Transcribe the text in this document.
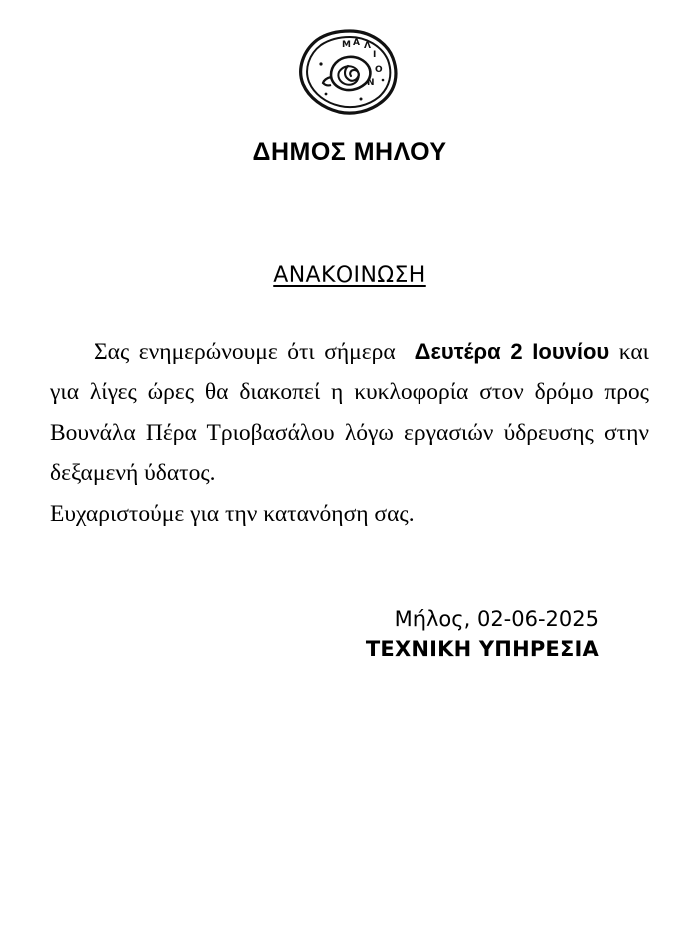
Μ Α Λ
Ι
Ο
Ν
ΔΗΜΟΣ ΜΗΛΟΥ
ΑΝΑΚΟΙΝΩΣΗ

Σας ενημερώνουμε ότι σήμερα Δευτέρα 2 Ιουνίου και για λίγες ώρες θα διακοπεί η κυκλοφορία στον δρόμο προς Βουνάλα Πέρα Τριοβασάλου λόγω εργασιών ύδρευσης στην δεξαμενή ύδατος.

Ευχαριστούμε για την κατανόηση σας.

Μήλος, 02-06-2025
ΤΕΧΝΙΚΗ ΥΠΗΡΕΣΙΑ
